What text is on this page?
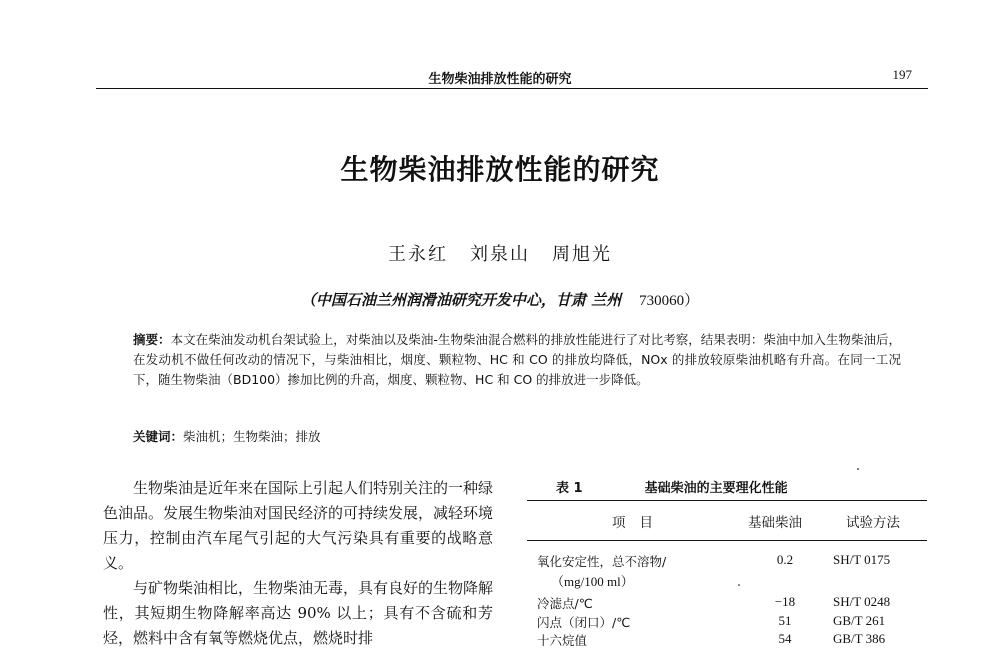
生物柴油排放性能的研究	197
生物柴油排放性能的研究
王永红 刘泉山 周旭光
（中国石油兰州润滑油研究开发中心，甘肃 兰州 730060）
摘要：本文在柴油发动机台架试验上，对柴油以及柴油-生物柴油混合燃料的排放性能进行了对比考察，结果表明：柴油中加入生物柴油后，在发动机不做任何改动的情况下，与柴油相比，烟度、颗粒物、HC 和 CO 的排放均降低，NOx 的排放较原柴油机略有升高。在同一工况下，随生物柴油（BD100）掺加比例的升高，烟度、颗粒物、HC 和 CO 的排放进一步降低。
关键词：柴油机；生物柴油；排放

生物柴油是近年来在国际上引起人们特别关注的一种绿色油品。发展生物柴油对国民经济的可持续发展，减轻环境压力，控制由汽车尾气引起的大气污染具有重要的战略意义。

与矿物柴油相比，生物柴油无毒，具有良好的生物降解性，其短期生物降解率高达 90% 以上；具有不含硫和芳烃，燃料中含有氧等燃烧优点，燃烧时排

表 1	基础柴油的主要理化性能
项目	基础柴油	试验方法
氧化安定性，总不溶物/
（mg/100 ml）
0.2	SH/T 0175
冷滤点/℃	−18	SH/T 0248
闪点（闭口）/℃	51	GB/T 261
十六烷值	54	GB/T 386
